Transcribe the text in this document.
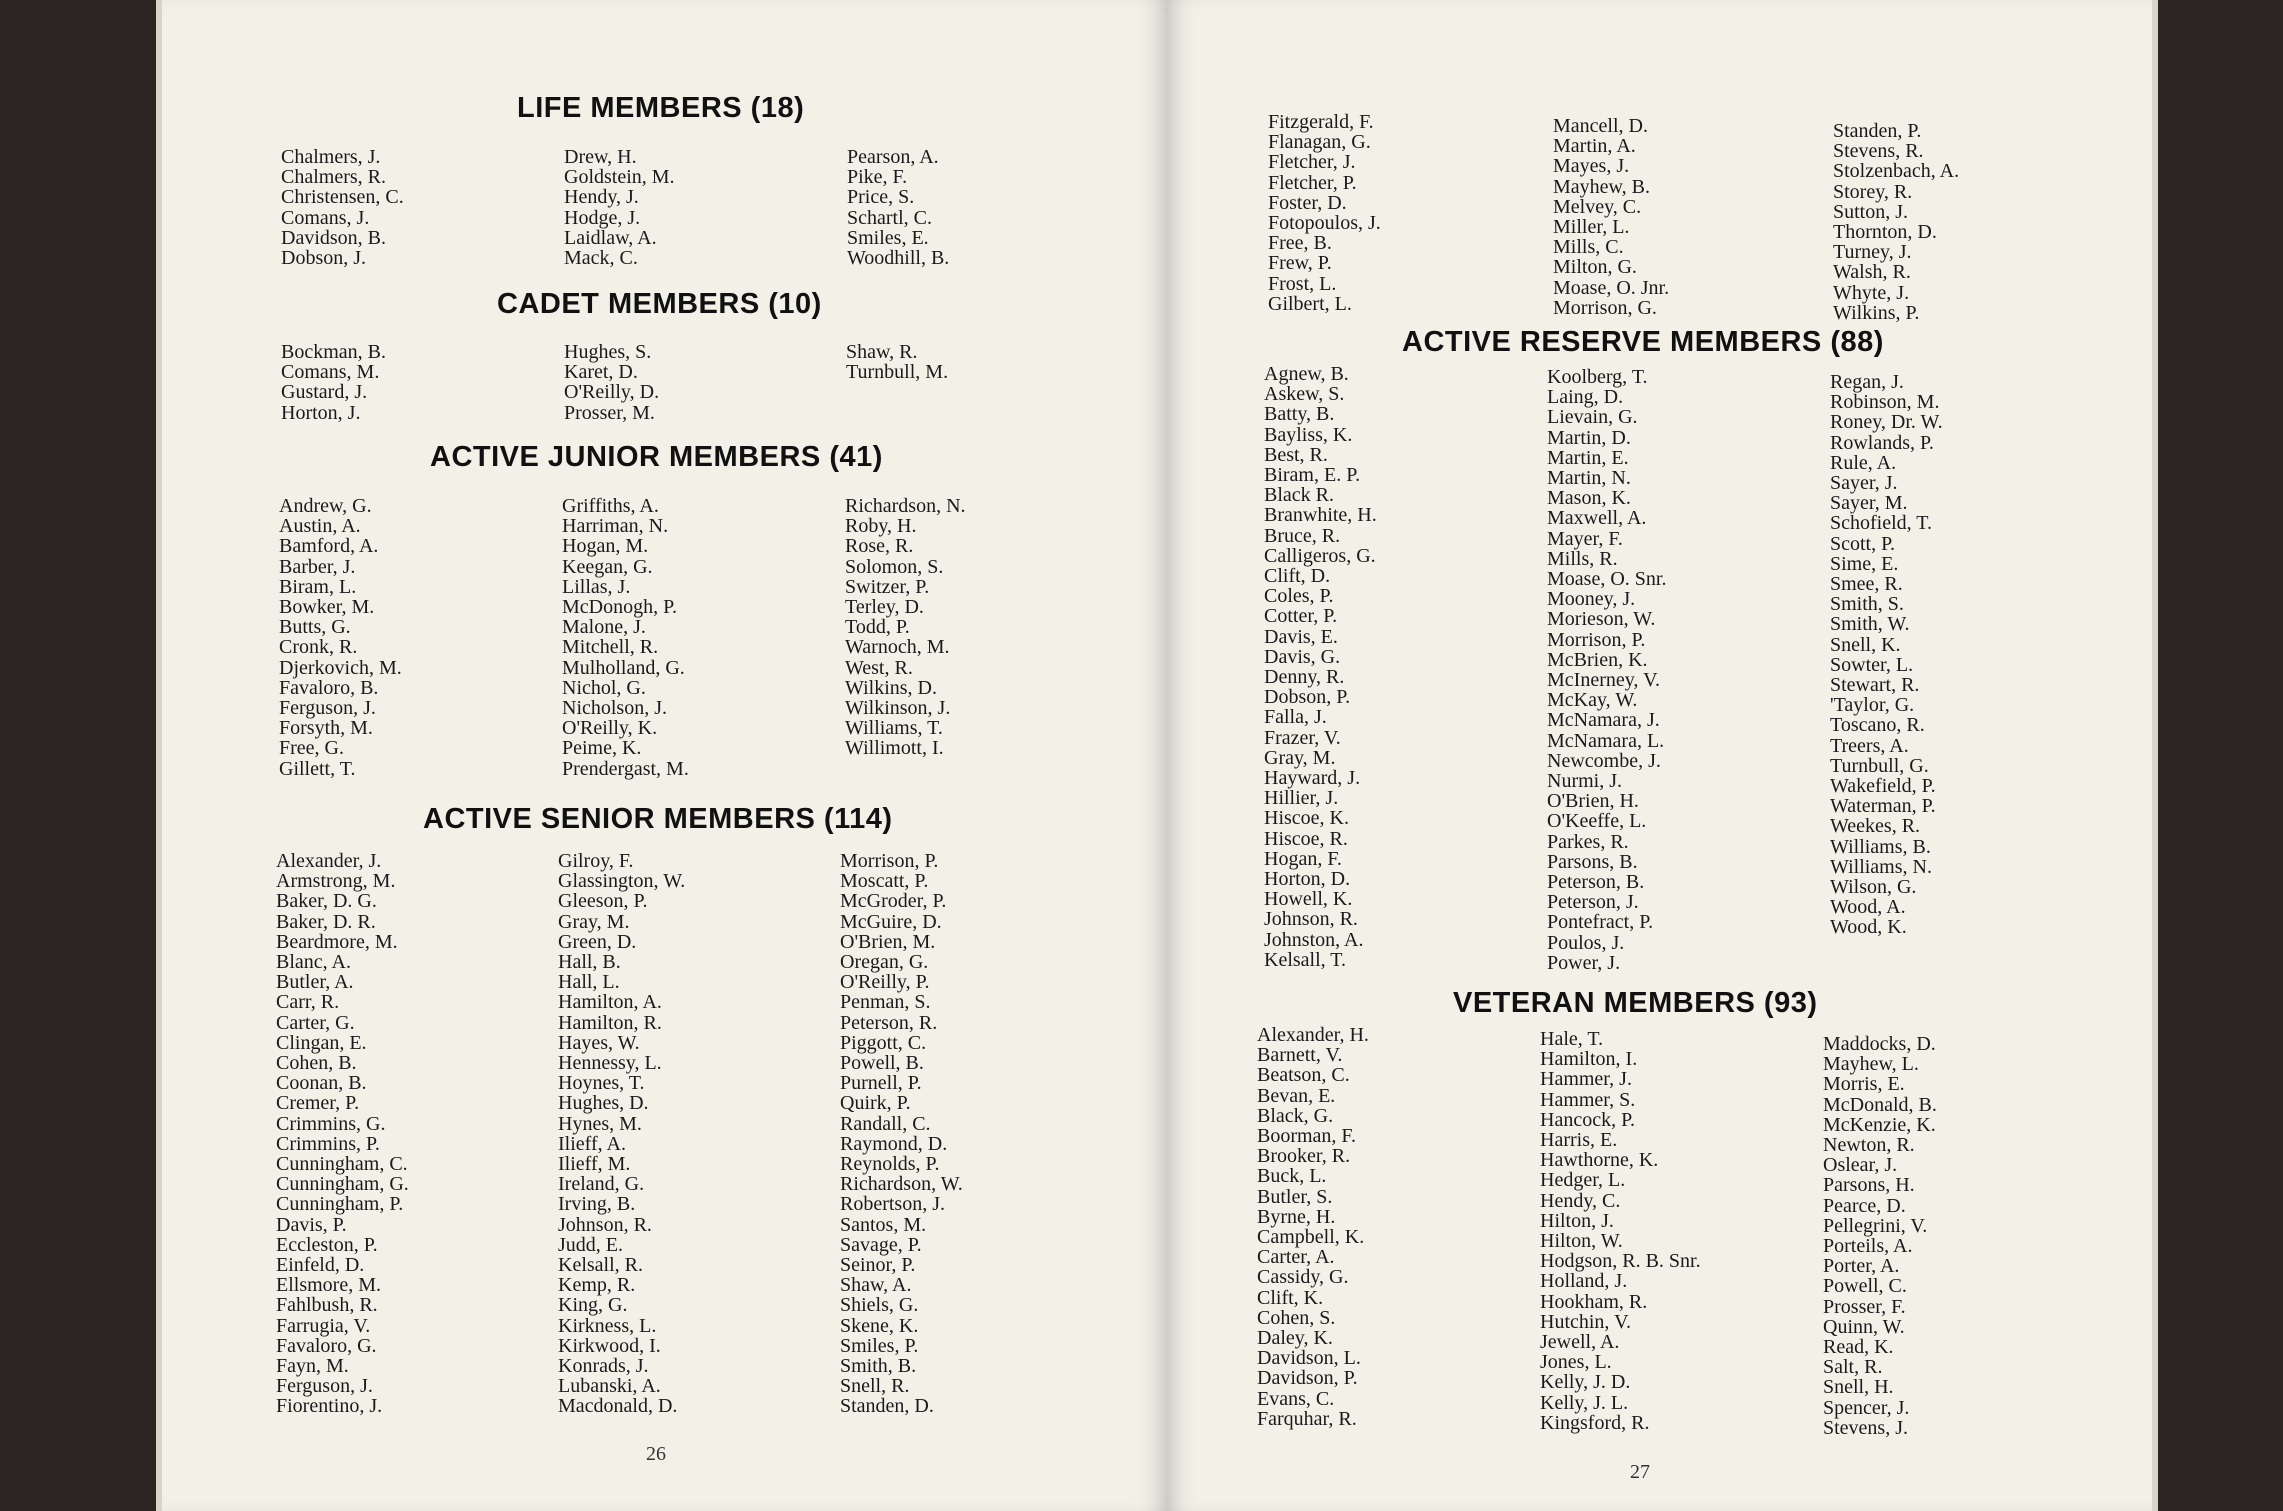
LIFE MEMBERS (18)
Chalmers, J.
Chalmers, R.
Christensen, C.
Comans, J.
Davidson, B.
Dobson, J.
Drew, H.
Goldstein, M.
Hendy, J.
Hodge, J.
Laidlaw, A.
Mack, C.
Pearson, A.
Pike, F.
Price, S.
Schartl, C.
Smiles, E.
Woodhill, B.
CADET MEMBERS (10)
Bockman, B.
Comans, M.
Gustard, J.
Horton, J.
Hughes, S.
Karet, D.
O'Reilly, D.
Prosser, M.
Shaw, R.
Turnbull, M.
ACTIVE JUNIOR MEMBERS (41)
Andrew, G.
Austin, A.
Bamford, A.
Barber, J.
Biram, L.
Bowker, M.
Butts, G.
Cronk, R.
Djerkovich, M.
Favaloro, B.
Ferguson, J.
Forsyth, M.
Free, G.
Gillett, T.
Griffiths, A.
Harriman, N.
Hogan, M.
Keegan, G.
Lillas, J.
McDonogh, P.
Malone, J.
Mitchell, R.
Mulholland, G.
Nichol, G.
Nicholson, J.
O'Reilly, K.
Peime, K.
Prendergast, M.
Richardson, N.
Roby, H.
Rose, R.
Solomon, S.
Switzer, P.
Terley, D.
Todd, P.
Warnoch, M.
West, R.
Wilkins, D.
Wilkinson, J.
Williams, T.
Willimott, I.
ACTIVE SENIOR MEMBERS (114)
Alexander, J.
Armstrong, M.
Baker, D. G.
Baker, D. R.
Beardmore, M.
Blanc, A.
Butler, A.
Carr, R.
Carter, G.
Clingan, E.
Cohen, B.
Coonan, B.
Cremer, P.
Crimmins, G.
Crimmins, P.
Cunningham, C.
Cunningham, G.
Cunningham, P.
Davis, P.
Eccleston, P.
Einfeld, D.
Ellsmore, M.
Fahlbush, R.
Farrugia, V.
Favaloro, G.
Fayn, M.
Ferguson, J.
Fiorentino, J.
Gilroy, F.
Glassington, W.
Gleeson, P.
Gray, M.
Green, D.
Hall, B.
Hall, L.
Hamilton, A.
Hamilton, R.
Hayes, W.
Hennessy, L.
Hoynes, T.
Hughes, D.
Hynes, M.
Ilieff, A.
Ilieff, M.
Ireland, G.
Irving, B.
Johnson, R.
Judd, E.
Kelsall, R.
Kemp, R.
King, G.
Kirkness, L.
Kirkwood, I.
Konrads, J.
Lubanski, A.
Macdonald, D.
Morrison, P.
Moscatt, P.
McGroder, P.
McGuire, D.
O'Brien, M.
Oregan, G.
O'Reilly, P.
Penman, S.
Peterson, R.
Piggott, C.
Powell, B.
Purnell, P.
Quirk, P.
Randall, C.
Raymond, D.
Reynolds, P.
Richardson, W.
Robertson, J.
Santos, M.
Savage, P.
Seinor, P.
Shaw, A.
Shiels, G.
Skene, K.
Smiles, P.
Smith, B.
Snell, R.
Standen, D.
26
Fitzgerald, F.
Flanagan, G.
Fletcher, J.
Fletcher, P.
Foster, D.
Fotopoulos, J.
Free, B.
Frew, P.
Frost, L.
Gilbert, L.
Mancell, D.
Martin, A.
Mayes, J.
Mayhew, B.
Melvey, C.
Miller, L.
Mills, C.
Milton, G.
Moase, O. Jnr.
Morrison, G.
Standen, P.
Stevens, R.
Stolzenbach, A.
Storey, R.
Sutton, J.
Thornton, D.
Turney, J.
Walsh, R.
Whyte, J.
Wilkins, P.
ACTIVE RESERVE MEMBERS (88)
Agnew, B.
Askew, S.
Batty, B.
Bayliss, K.
Best, R.
Biram, E. P.
Black R.
Branwhite, H.
Bruce, R.
Calligeros, G.
Clift, D.
Coles, P.
Cotter, P.
Davis, E.
Davis, G.
Denny, R.
Dobson, P.
Falla, J.
Frazer, V.
Gray, M.
Hayward, J.
Hillier, J.
Hiscoe, K.
Hiscoe, R.
Hogan, F.
Horton, D.
Howell, K.
Johnson, R.
Johnston, A.
Kelsall, T.
Koolberg, T.
Laing, D.
Lievain, G.
Martin, D.
Martin, E.
Martin, N.
Mason, K.
Maxwell, A.
Mayer, F.
Mills, R.
Moase, O. Snr.
Mooney, J.
Morieson, W.
Morrison, P.
McBrien, K.
McInerney, V.
McKay, W.
McNamara, J.
McNamara, L.
Newcombe, J.
Nurmi, J.
O'Brien, H.
O'Keeffe, L.
Parkes, R.
Parsons, B.
Peterson, B.
Peterson, J.
Pontefract, P.
Poulos, J.
Power, J.
Regan, J.
Robinson, M.
Roney, Dr. W.
Rowlands, P.
Rule, A.
Sayer, J.
Sayer, M.
Schofield, T.
Scott, P.
Sime, E.
Smee, R.
Smith, S.
Smith, W.
Snell, K.
Sowter, L.
Stewart, R.
'Taylor, G.
Toscano, R.
Treers, A.
Turnbull, G.
Wakefield, P.
Waterman, P.
Weekes, R.
Williams, B.
Williams, N.
Wilson, G.
Wood, A.
Wood, K.
VETERAN MEMBERS (93)
Alexander, H.
Barnett, V.
Beatson, C.
Bevan, E.
Black, G.
Boorman, F.
Brooker, R.
Buck, L.
Butler, S.
Byrne, H.
Campbell, K.
Carter, A.
Cassidy, G.
Clift, K.
Cohen, S.
Daley, K.
Davidson, L.
Davidson, P.
Evans, C.
Farquhar, R.
Hale, T.
Hamilton, I.
Hammer, J.
Hammer, S.
Hancock, P.
Harris, E.
Hawthorne, K.
Hedger, L.
Hendy, C.
Hilton, J.
Hilton, W.
Hodgson, R. B. Snr.
Holland, J.
Hookham, R.
Hutchin, V.
Jewell, A.
Jones, L.
Kelly, J. D.
Kelly, J. L.
Kingsford, R.
Maddocks, D.
Mayhew, L.
Morris, E.
McDonald, B.
McKenzie, K.
Newton, R.
Oslear, J.
Parsons, H.
Pearce, D.
Pellegrini, V.
Porteils, A.
Porter, A.
Powell, C.
Prosser, F.
Quinn, W.
Read, K.
Salt, R.
Snell, H.
Spencer, J.
Stevens, J.
27
